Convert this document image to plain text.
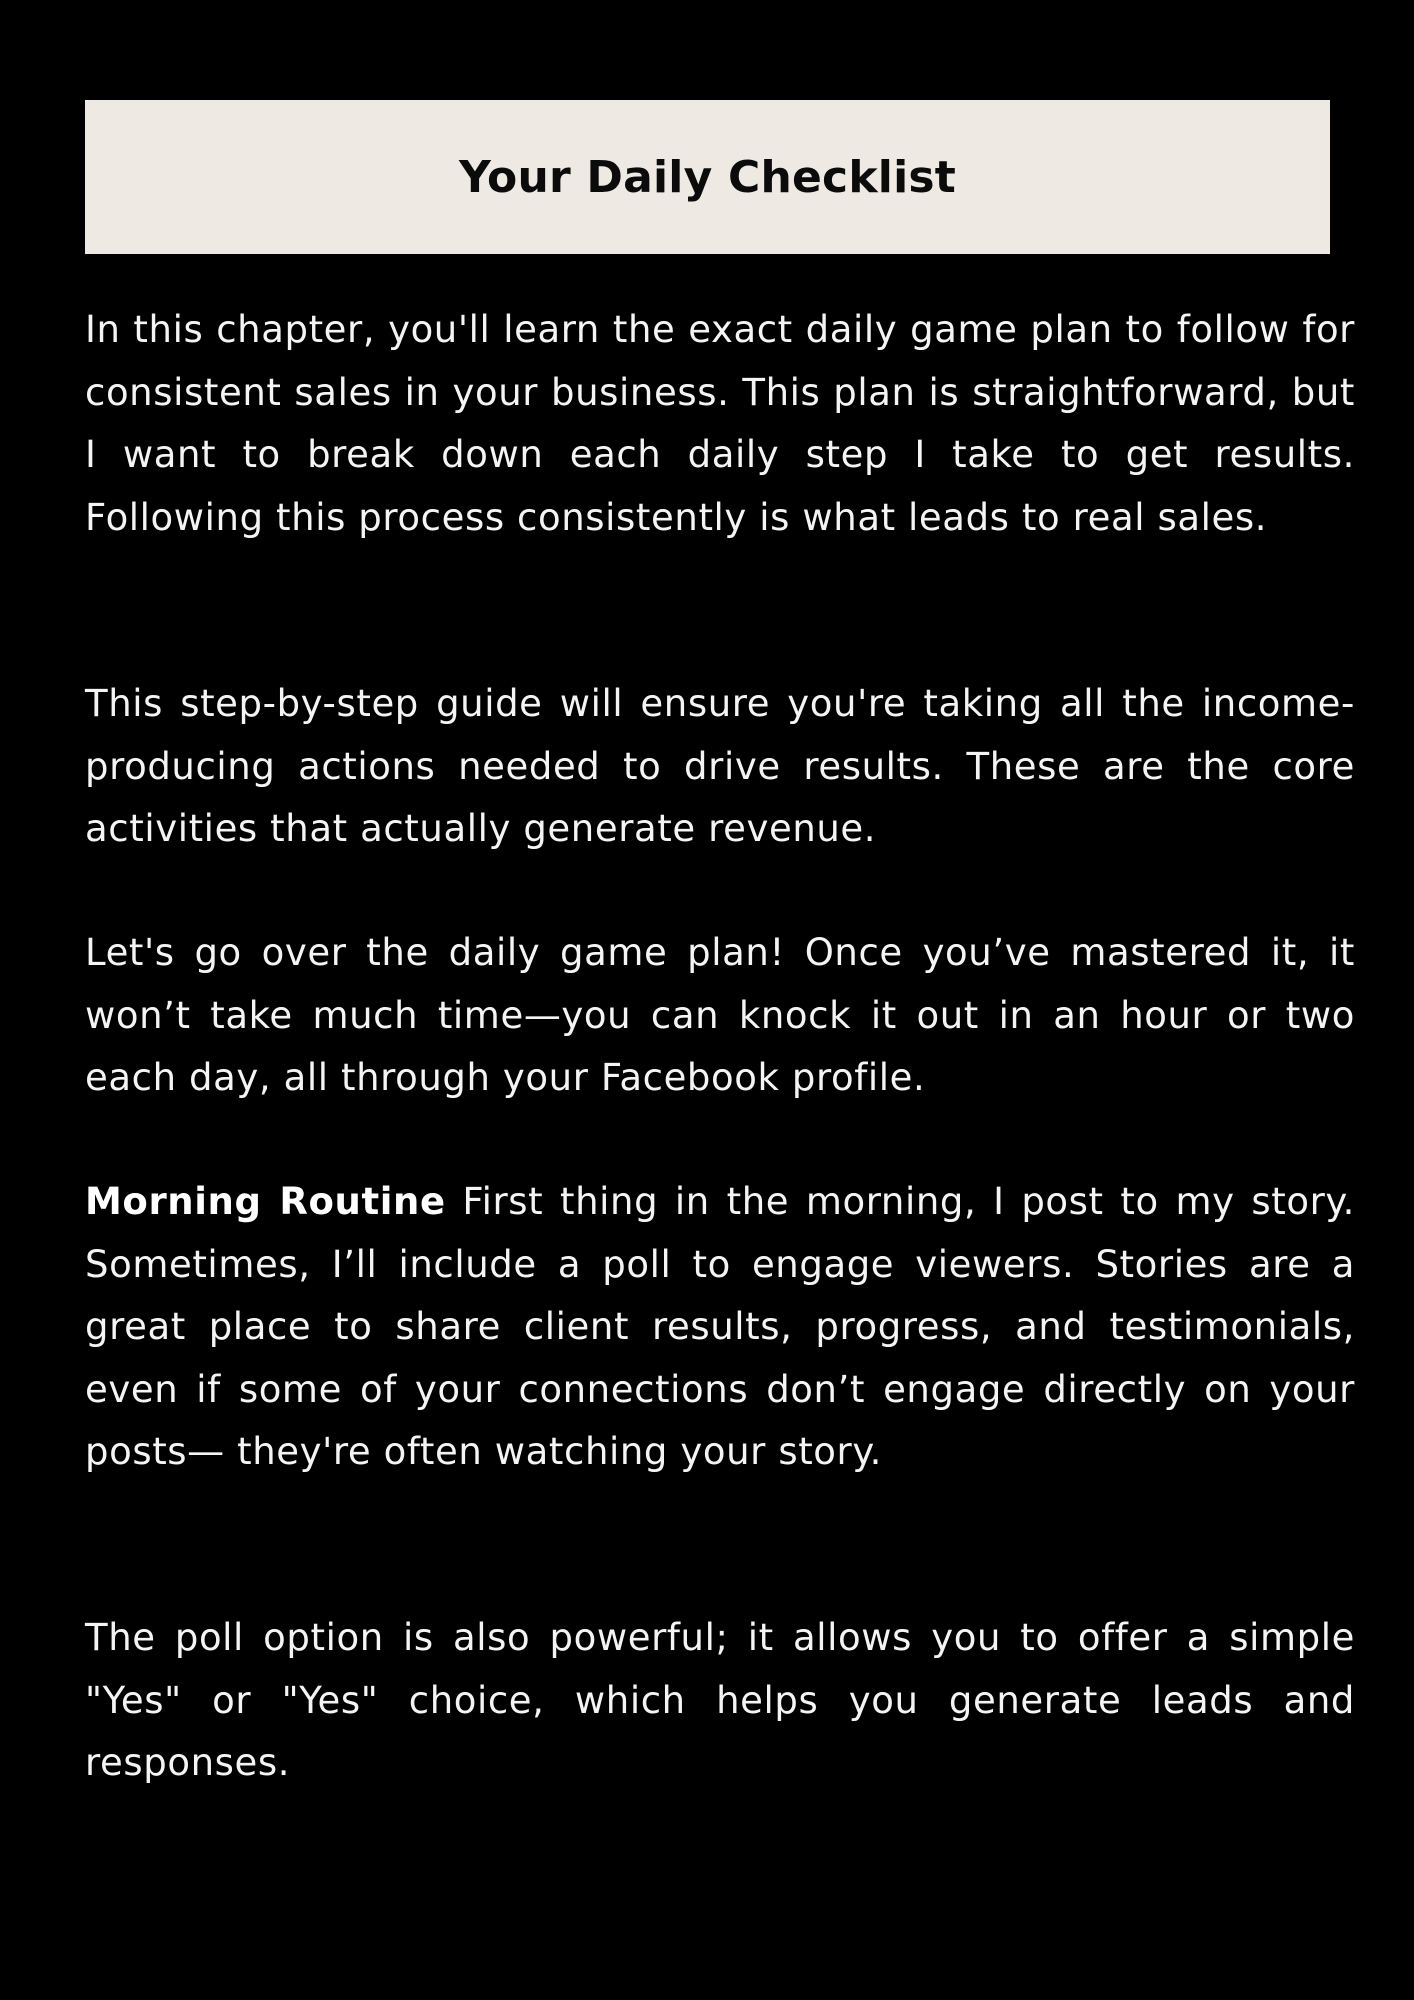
Your Daily Checklist

In this chapter, you'll learn the exact daily game plan to follow for consistent sales in your business. This plan is straightforward, but I want to break down each daily step I take to get results. Following this process consistently is what leads to real sales.

This step-by-step guide will ensure you're taking all the income-producing actions needed to drive results. These are the core activities that actually generate revenue.

Let's go over the daily game plan! Once you’ve mastered it, it won’t take much time—you can knock it out in an hour or two each day, all through your Facebook profile.

Morning Routine First thing in the morning, I post to my story. Sometimes, I’ll include a poll to engage viewers. Stories are a great place to share client results, progress, and testimonials, even if some of your connections don’t engage directly on your posts— they're often watching your story.

The poll option is also powerful; it allows you to offer a simple "Yes" or "Yes" choice, which helps you generate leads and responses.
